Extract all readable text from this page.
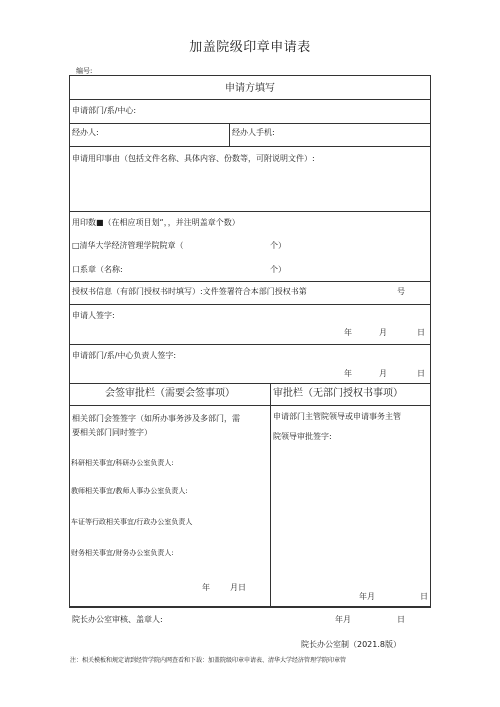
加盖院级印章申请表
编号:
申请方填写
申请部门/系/中心:
经办人:	经办人手机:
申请用印事由（包括文件名称、具体内容、份数等，可附说明文件）:
用印数■（在相应项目划“，，并注明盖章个数）
□清华大学经济管理学院院章（	个）
口系章（名称:	个）
授权书信息（有部门授权书时填写）:文件签署符合本部门授权书第	号
申请人签字:
年	月	日
申请部门/系/中心负责人签字:
年	月	日
会签审批栏（需要会签事项）	审批栏（无部门授权书事项）
相关部门会签签字（如所办事务涉及多部门，需
要相关部门同时签字）
科研相关事宜/科研办公室负责人:
教师相关事宜/教师人事办公室负责人:
车证等行政相关事宜/行政办公室负责人
财务相关事宜/财务办公室负责人:
年	月日
申请部门主管院领导或申请事务主管
院领导审批签字:
年月	日
院长办公室审核、盖章人:	年月	日
院长办公室制（2021.8版）
注：相关模板和规定请到经管学院内网查看和下载：加盖院级印章申请表、清华大学经济管理学院印章管
